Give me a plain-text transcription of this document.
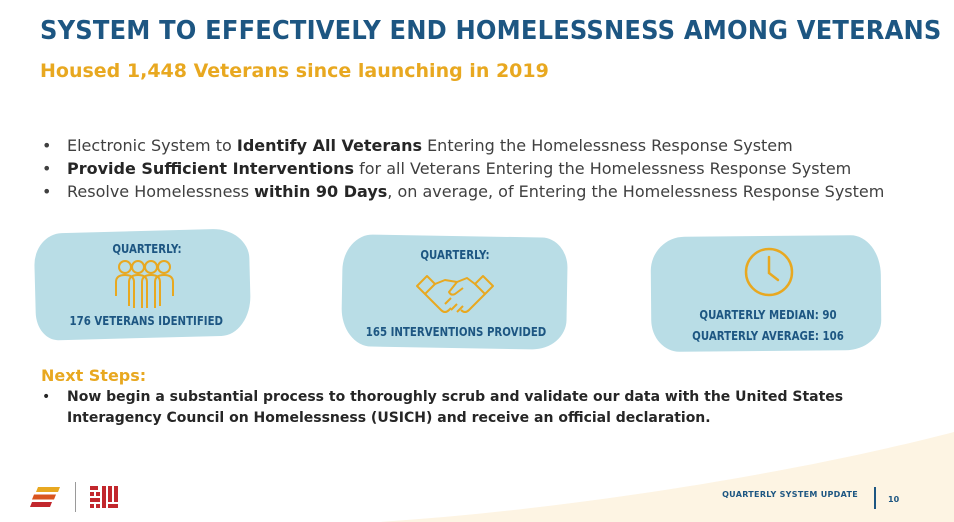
SYSTEM TO EFFECTIVELY END HOMELESSNESS AMONG VETERANS
Housed 1,448 Veterans since launching in 2019
• Electronic System to Identify All Veterans Entering the Homelessness Response System
• Provide Sufficient Interventions for all Veterans Entering the Homelessness Response System
• Resolve Homelessness within 90 Days, on average, of Entering the Homelessness Response System
QUARTERLY:
176 VETERANS IDENTIFIED
QUARTERLY:
165 INTERVENTIONS PROVIDED
QUARTERLY MEDIAN: 90
QUARTERLY AVERAGE: 106
Next Steps:
• Now begin a substantial process to thoroughly scrub and validate our data with the United States Interagency Council on Homelessness (USICH) and receive an official declaration.
QUARTERLY SYSTEM UPDATE
10
